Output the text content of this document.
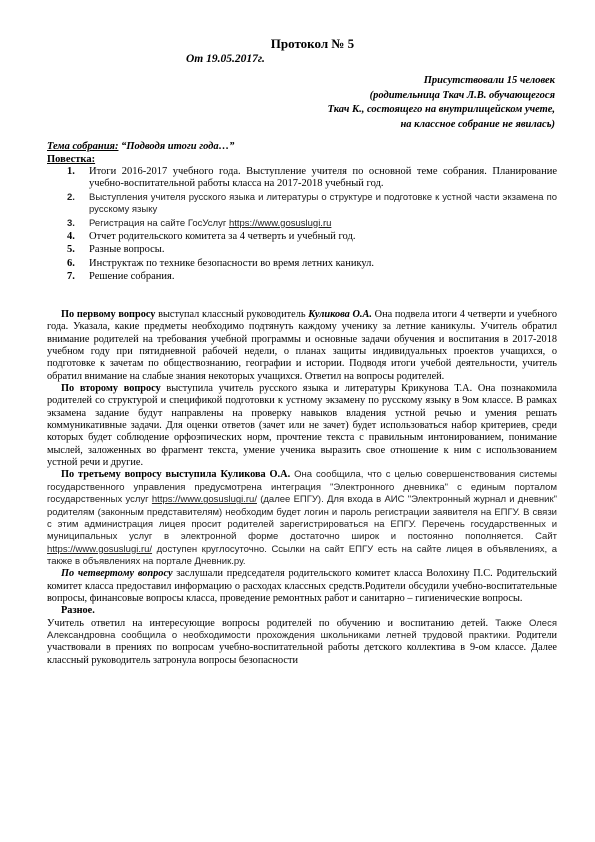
Протокол № 5
От 19.05.2017г.
Присутствовали 15 человек
(родительница Ткач Л.В. обучающегося
Ткач К., состоящего на внутрилицейском учете,
на классное собрание не явилась)
Тема собрания: “Подводя итоги года…”
Повестка:
1. Итоги 2016-2017 учебного года. Выступление учителя по основной теме собрания. Планирование учебно-воспитательной работы класса на 2017-2018 учебный год.
2. Выступления учителя русского языка и литературы о структуре и подготовке к устной части экзамена по русскому языку
3. Регистрация на сайте ГосУслуг https://www.gosuslugi.ru
4. Отчет родительского комитета за 4 четверть и учебный год.
5. Разные вопросы.
6. Инструктаж по технике безопасности во время летних каникул.
7. Решение собрания.

По первому вопросу выступал классный руководитель Куликова О.А. Она подвела итоги 4 четверти и учебного года. Указала, какие предметы необходимо подтянуть каждому ученику за летние каникулы. Учитель обратил внимание родителей на требования учебной программы и основные задачи обучения и воспитания в 2017-2018 учебном году при пятидневной рабочей недели, о планах защиты индивидуальных проектов учащихся, о подготовке к зачетам по обществознанию, географии и истории. Подводя итоги учебой деятельности, учитель обратил внимание на слабые знания некоторых учащихся. Ответил на вопросы родителей.

По второму вопросу выступила учитель русского языка и литературы Крикунова Т.А. Она познакомила родителей со структурой и спецификой подготовки к устному экзамену по русскому языку в 9ом классе. В рамках экзамена задание будут направлены на проверку навыков владения устной речью и умения решать коммуникативные задачи. Для оценки ответов (зачет или не зачет) будет использоваться набор критериев, среди которых будет соблюдение орфоэпических норм, прочтение текста с правильным интонированием, понимание мыслей, заложенных во фрагмент текста, умение ученика выразить свое отношение к ним с использованием устной речи и другие.

По третьему вопросу выступила Куликова О.А. Она сообщила, что с целью совершенствования системы государственного управления предусмотрена интеграция "Электронного дневника" с единым порталом государственных услуг https://www.gosuslugi.ru/ (далее ЕПГУ). Для входа в АИС "Электронный журнал и дневник" родителям (законным представителям) необходим будет логин и пароль регистрации заявителя на ЕПГУ. В связи с этим администрация лицея просит родителей зарегистрироваться на ЕПГУ. Перечень государственных и муниципальных услуг в электронной форме достаточно широк и постоянно пополняется. Сайт https://www.gosuslugi.ru/ доступен круглосуточно. Ссылки на сайт ЕПГУ есть на сайте лицея в объявлениях, а также в объявлениях на портале Дневник.ру.

По четвертому вопросу заслушали председателя родительского комитет класса Волохину П.С. Родительский комитет класса предоставил информацию о расходах классных средств.Родители обсудили учебно-воспитательные вопросы, финансовые вопросы класса, проведение ремонтных работ и санитарно – гигиенические вопросы.

Разное.

Учитель ответил на интересующие вопросы родителей по обучению и воспитанию детей. Также Олеся Александровна сообщила о необходимости прохождения школьниками летней трудовой практики. Родители участвовали в прениях по вопросам учебно-воспитательной работы детского коллектива в 9-ом классе. Далее классный руководитель затронула вопросы безопасности
